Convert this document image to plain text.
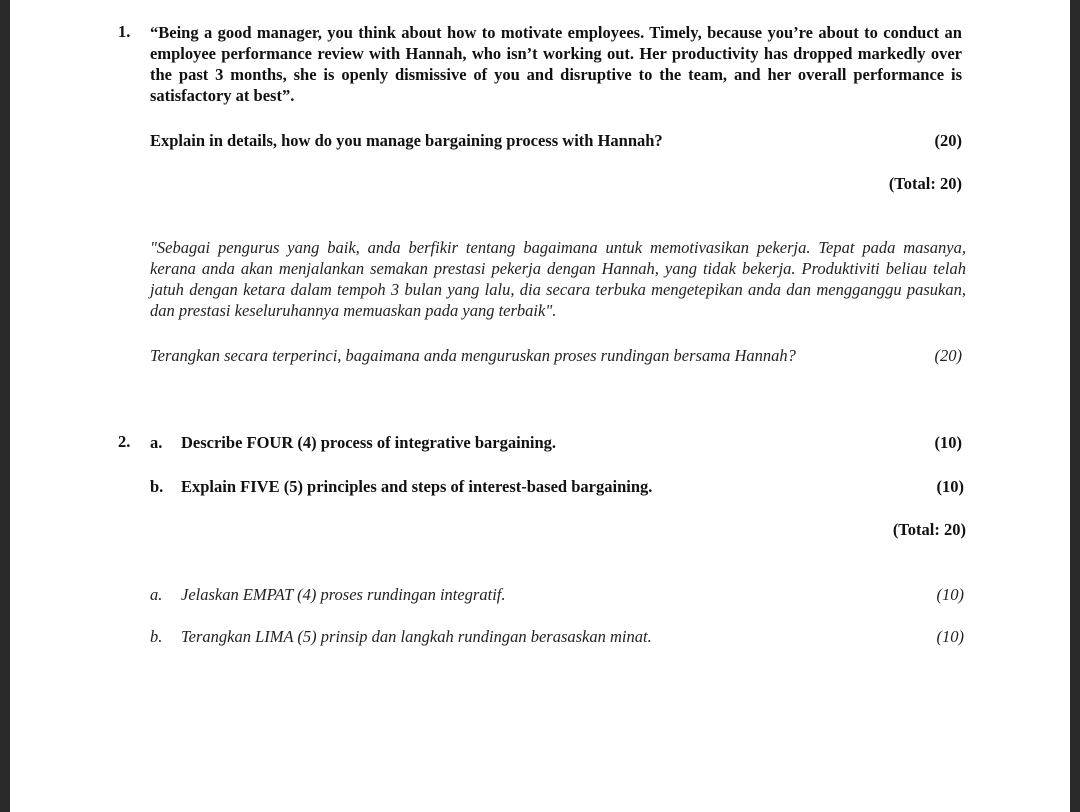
1. “Being a good manager, you think about how to motivate employees. Timely, because you’re about to conduct an employee performance review with Hannah, who isn’t working out. Her productivity has dropped markedly over the past 3 months, she is openly dismissive of you and disruptive to the team, and her overall performance is satisfactory at best”.
Explain in details, how do you manage bargaining process with Hannah?	(20)
(Total: 20)
"Sebagai pengurus yang baik, anda berfikir tentang bagaimana untuk memotivasikan pekerja. Tepat pada masanya, kerana anda akan menjalankan semakan prestasi pekerja dengan Hannah, yang tidak bekerja. Produktiviti beliau telah jatuh dengan ketara dalam tempoh 3 bulan yang lalu, dia secara terbuka mengetepikan anda dan mengganggu pasukan, dan prestasi keseluruhannya memuaskan pada yang terbaik".
Terangkan secara terperinci, bagaimana anda menguruskan proses rundingan bersama Hannah?	(20)
2. a. Describe FOUR (4) process of integrative bargaining.	(10)
b. Explain FIVE (5) principles and steps of interest-based bargaining.	(10)
(Total: 20)
a. Jelaskan EMPAT (4) proses rundingan integratif.	(10)
b. Terangkan LIMA (5) prinsip dan langkah rundingan berasaskan minat.	(10)
